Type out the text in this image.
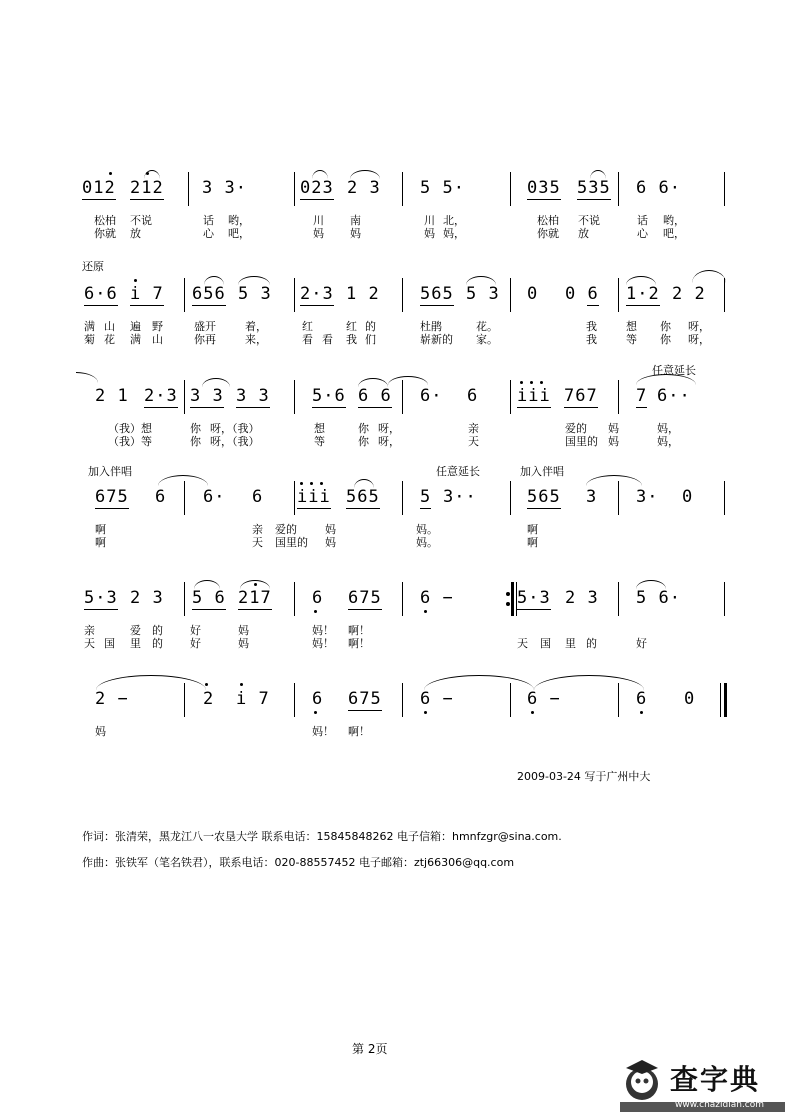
012 212 3 3·	023 2 3 5 5·	035 535 6 6·
松柏 不说	话 哟，	川 南	川 北，	松柏 不说	话 哟，
你就 放	心 吧，	妈 妈	妈 妈，	你就 放	心 吧，
还原
6·6 i 7 656 5 3 2·3 1 2 565 5 3 0 0 6 1·2 2 2
满 山 遍 野	盛开	着，	红	红 的	杜鹃	花。	我	想 你 呀，
菊 花 满 山	你再	来，	看 看 我 们	崭新的 家。	我	等 你 呀，
任意延长
2 1 2·3 3 3 3 3 5·6 6 6 6· 6 iii 767 7 6··
（我）想	你 呀，（我）	想	你 呀，	亲	爱的 妈	妈，
（我）等	你 呀，（我）	等	你 呀，	天	国里的 妈	妈，
加入伴唱	任意延长	加入伴唱
675 6 6· 6 iii 565 5 3··	565 3 3· 0
啊	亲 爱的	妈	妈。	啊
啊	天 国里的 妈	妈。	啊
5·3 2 3 5 6 217 6 675 6 −	5·3 2 3 5 6·
亲	爱 的 好	妈	妈！ 啊！
天 国 里 的 好	妈	妈！ 啊！	天 国 里 的	好
2 −	2 i 7 6 675 6 −	6 −	6 0
妈	妈！ 啊！
2009-03-24 写于广州中大
作词：张清荣，黑龙江八一农垦大学 联系电话：15845848262 电子信箱：hmnfzgr@sina.com.
作曲：张铁军（笔名铁君），联系电话：020-88557452 电子邮箱：ztj66306@qq.com
第 2页
查字典
www.chazidian.com
